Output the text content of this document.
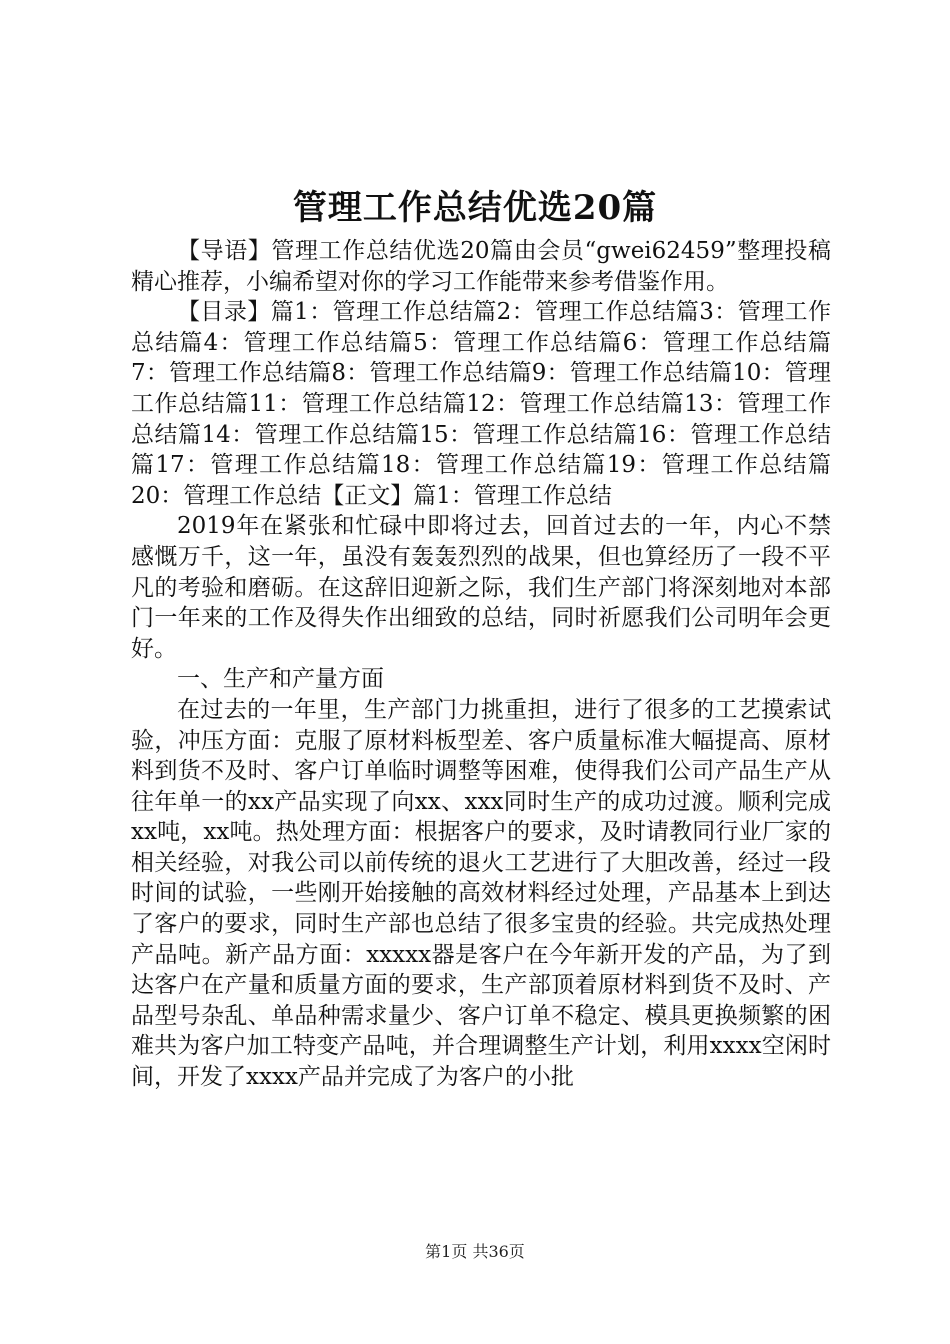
管理工作总结优选20篇

【导语】管理工作总结优选20篇由会员“gwei62459”整理投稿精心推荐，小编希望对你的学习工作能带来参考借鉴作用。

【目录】篇1：管理工作总结篇2：管理工作总结篇3：管理工作总结篇4：管理工作总结篇5：管理工作总结篇6：管理工作总结篇7：管理工作总结篇8：管理工作总结篇9：管理工作总结篇10：管理工作总结篇11：管理工作总结篇12：管理工作总结篇13：管理工作总结篇14：管理工作总结篇15：管理工作总结篇16：管理工作总结篇17：管理工作总结篇18：管理工作总结篇19：管理工作总结篇20：管理工作总结【正文】篇1：管理工作总结

2019年在紧张和忙碌中即将过去，回首过去的一年，内心不禁感慨万千，这一年，虽没有轰轰烈烈的战果，但也算经历了一段不平凡的考验和磨砺。在这辞旧迎新之际，我们生产部门将深刻地对本部门一年来的工作及得失作出细致的总结，同时祈愿我们公司明年会更好。

一、生产和产量方面

在过去的一年里，生产部门力挑重担，进行了很多的工艺摸索试验，冲压方面：克服了原材料板型差、客户质量标准大幅提高、原材料到货不及时、客户订单临时调整等困难，使得我们公司产品生产从往年单一的xx产品实现了向xx、xxx同时生产的成功过渡。顺利完成xx吨，xx吨。热处理方面：根据客户的要求，及时请教同行业厂家的相关经验，对我公司以前传统的退火工艺进行了大胆改善，经过一段时间的试验，一些刚开始接触的高效材料经过处理，产品基本上到达了客户的要求，同时生产部也总结了很多宝贵的经验。共完成热处理产品吨。新产品方面：xxxxx器是客户在今年新开发的产品，为了到达客户在产量和质量方面的要求，生产部顶着原材料到货不及时、产品型号杂乱、单品种需求量少、客户订单不稳定、模具更换频繁的困难共为客户加工特变产品吨，并合理调整生产计划，利用xxxx空闲时间，开发了xxxx产品并完成了为客户的小批

第1页 共36页
